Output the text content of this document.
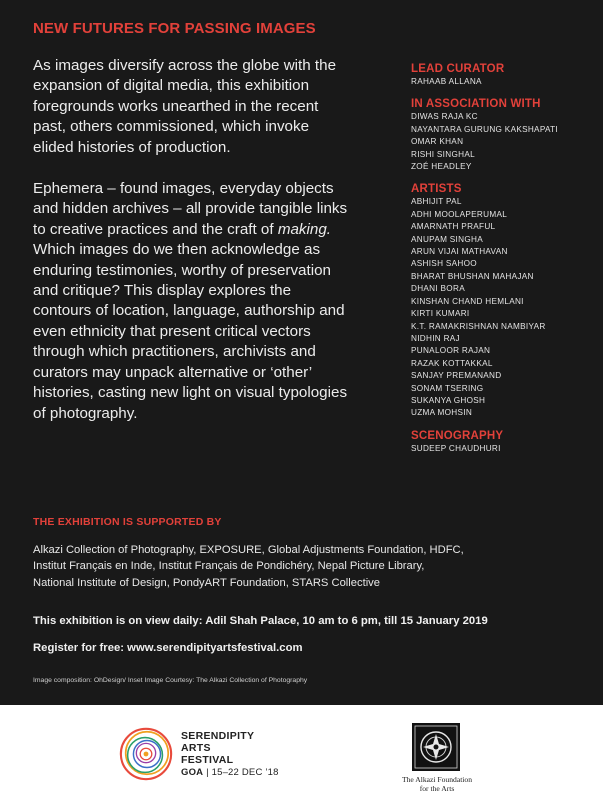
NEW FUTURES FOR PASSING IMAGES

As images diversify across the globe with the expansion of digital media, this exhibition foregrounds works unearthed in the recent past, others commissioned, which invoke elided histories of production.

Ephemera – found images, everyday objects and hidden archives – all provide tangible links to creative practices and the craft of making. Which images do we then acknowledge as enduring testimonies, worthy of preservation and critique? This display explores the contours of location, language, authorship and even ethnicity that present critical vectors through which practitioners, archivists and curators may unpack alternative or ‘other’ histories, casting new light on visual typologies of photography.

LEAD CURATOR
RAHAAB ALLANA
IN ASSOCIATION WITH
DIWAS RAJA KC
NAYANTARA GURUNG KAKSHAPATI
OMAR KHAN
RISHI SINGHAL
ZOÉ HEADLEY
ARTISTS
ABHIJIT PAL
ADHI MOOLAPERUMAL
AMARNATH PRAFUL
ANUPAM SINGHA
ARUN VIJAI MATHAVAN
ASHISH SAHOO
BHARAT BHUSHAN MAHAJAN
DHANI BORA
KINSHAN CHAND HEMLANI
KIRTI KUMARI
K.T. RAMAKRISHNAN NAMBIYAR
NIDHIN RAJ
PUNALOOR RAJAN
RAZAK KOTTAKKAL
SANJAY PREMANAND
SONAM TSERING
SUKANYA GHOSH
UZMA MOHSIN
SCENOGRAPHY
SUDEEP CHAUDHURI
THE EXHIBITION IS SUPPORTED BY
Alkazi Collection of Photography, EXPOSURE, Global Adjustments Foundation, HDFC,
Institut Français en Inde, Institut Français de Pondichéry, Nepal Picture Library,
National Institute of Design, PondyART Foundation, STARS Collective
This exhibition is on view daily: Adil Shah Palace, 10 am to 6 pm, till 15 January 2019
Register for free: www.serendipityartsfestival.com
Image composition: OhDesign/ Inset Image Courtesy: The Alkazi Collection of Photography
SERENDIPITY
ARTS
FESTIVAL
GOA | 15–22 DEC ’18
The Alkazi Foundation
for the Arts
